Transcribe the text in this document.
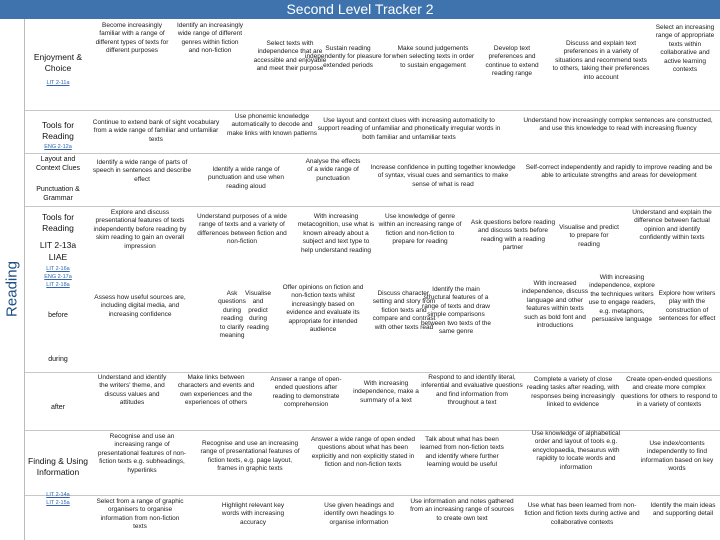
Second Level Tracker 2
Reading
Enjoyment & Choice
LIT 2-11a
Become increasingly familiar with a range of different types of texts for different purposes
Identify an increasingly wide range of different genres within fiction and non-fiction
Select texts with independence that are accessible and enjoyable and meet their purpose
Sustain reading independently for pleasure for extended periods
Make sound judgements when selecting texts in order to sustain engagement
Develop text preferences and continue to extend reading range
Discuss and explain text preferences in a variety of situations and recommend texts to others, taking their preferences into account
Select an increasing range of appropriate texts within collaborative and active learning contexts
Tools for Reading
ENG 2-12a
Continue to extend bank of sight vocabulary from a wide range of familiar and unfamiliar texts
Use phonemic knowledge automatically to decode and make links with known patterns
Use layout and context clues with increasing automaticity to support reading of unfamiliar and phonetically irregular words in both familiar and unfamiliar texts
Understand how increasingly complex sentences are constructed, and use this knowledge to read with increasing fluency
Layout and Context Clues
Punctuation & Grammar
Identify a wide range of parts of speech in sentences and describe effect
Identify a wide range of punctuation and use when reading aloud
Analyse the effects of a wide range of punctuation
Increase confidence in putting together knowledge of syntax, visual cues and semantics to make sense of what is read
Self-correct independently and rapidly to improve reading and be able to articulate strengths and areas for development
Tools for Reading
LIT 2-13a
LIAE
LIT 2-16a
ENG 2-17a
LIT 2-18a
before
during
after
Explore and discuss presentational features of texts independently before reading by skim reading to gain an overall impression
Understand purposes of a wide range of texts and a variety of differences between fiction and non-fiction
With increasing metacognition, use what is known already about a subject and text type to help understand reading
Use knowledge of genre within an increasing range of fiction and non-fiction to prepare for reading
Ask questions before reading and discuss texts before reading with a reading partner
Visualise and predict to prepare for reading
Understand and explain the difference between factual opinion and identify confidently within texts
Assess how useful sources are, including digital media, and increasing confidence
Ask questions during reading to clarify meaning
Visualise and predict during reading
Offer opinions on fiction and non-fiction texts whilst increasingly based on evidence and evaluate its appropriate for intended audience
Discuss character, setting and story from fiction texts and compare and contrast with other texts read
Identify the main structural features of a range of texts and draw simple comparisons between two texts of the same genre
With increased independence, discuss language and other features within texts such as bold font and introductions
With increasing independence, explore the techniques writers use to engage readers, e.g. metaphors, persuasive language
Explore how writers play with the construction of sentences for effect
Understand and identify the writers' theme, and discuss values and attitudes
Make links between characters and events and own experiences and the experiences of others
Answer a range of open-ended questions after reading to demonstrate comprehension
With increasing independence, make a summary of a text
Respond to and identify literal, inferential and evaluative questions and find information from throughout a text
Complete a variety of close reading tasks after reading, with responses being increasingly linked to evidence
Create open-ended questions and create more complex questions for others to respond to in a variety of contexts
Finding & Using Information
LIT 2-14a
LIT 2-15a
Recognise and use an increasing range of presentational features of non-fiction texts e.g. subheadings, hyperlinks
Recognise and use an increasing range of presentational features of fiction texts, e.g. page layout, frames in graphic texts
Answer a wide range of open ended questions about what has been explicitly and non explicitly stated in fiction and non-fiction texts
Talk about what has been learned from non-fiction texts and identify where further learning would be useful
Use knowledge of alphabetical order and layout of tools e.g. encyclopaedia, thesaurus with rapidity to locate words and information
Use index/contents independently to find information based on key words
Select from a range of graphic organisers to organise information from non-fiction texts
Highlight relevant key words with increasing accuracy
Use given headings and identify own headings to organise information
Use information and notes gathered from an increasing range of sources to create own text
Use what has been learned from non-fiction and fiction texts during active and collaborative contexts
Identify the main ideas and supporting detail
